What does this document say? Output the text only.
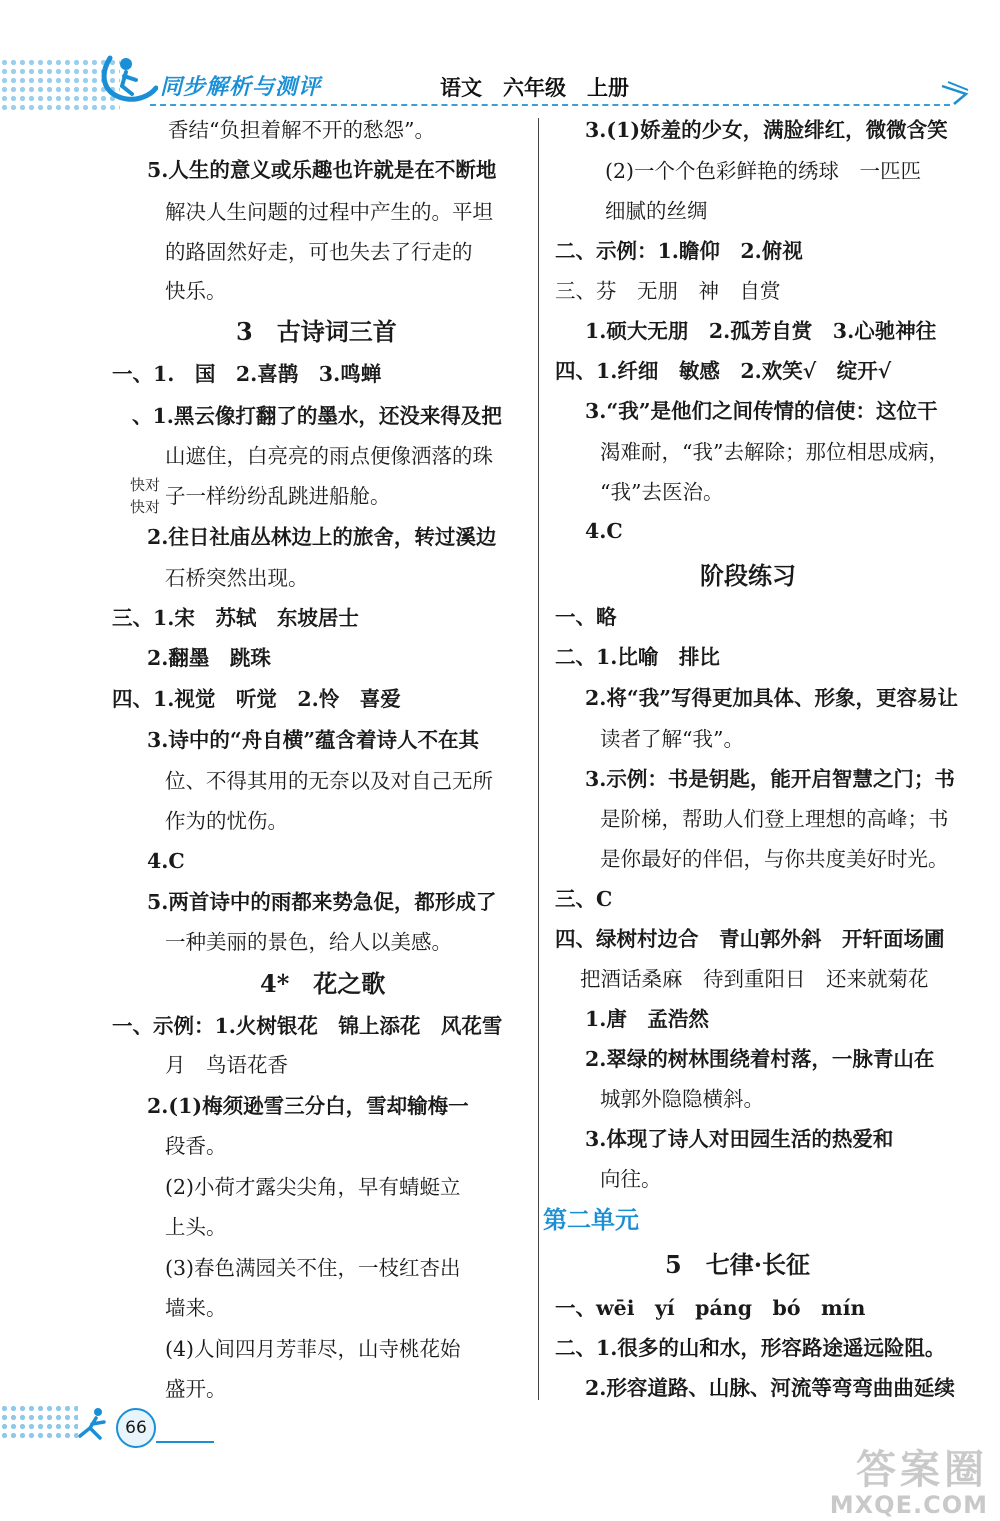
同步解析与测评	语文　六年级　上册
香结“负担着解不开的愁怨”。
5.人生的意义或乐趣也许就是在不断地
解决人生问题的过程中产生的。平坦
的路固然好走，可也失去了行走的
快乐。
3　古诗词三首
一、1.　国　2.喜鹊　3.鸣蝉
、1.黑云像打翻了的墨水，还没来得及把
山遮住，白亮亮的雨点便像洒落的珠
快对
快对 子一样纷纷乱跳进船舱。
2.往日社庙丛林边上的旅舍，转过溪边
石桥突然出现。
三、1.宋　苏轼　东坡居士
2.翻墨　跳珠
四、1.视觉　听觉　2.怜　喜爱
3.诗中的“舟自横”蕴含着诗人不在其
位、不得其用的无奈以及对自己无所
作为的忧伤。
4.C
5.两首诗中的雨都来势急促，都形成了
一种美丽的景色，给人以美感。
4*　花之歌
一、示例：1.火树银花　锦上添花　风花雪
月　鸟语花香
2.(1)梅须逊雪三分白，雪却输梅一
段香。
(2)小荷才露尖尖角，早有蜻蜓立
上头。
(3)春色满园关不住，一枝红杏出
墙来。
(4)人间四月芳菲尽，山寺桃花始
盛开。
3.(1)娇羞的少女，满脸绯红，微微含笑
(2)一个个色彩鲜艳的绣球　一匹匹
细腻的丝绸
二、示例：1.瞻仰　2.俯视
三、芬　无朋　神　自赏
1.硕大无朋　2.孤芳自赏　3.心驰神往
四、1.纤细　敏感　2.欢笑√　绽开√
3.“我”是他们之间传情的信使：这位干
渴难耐，“我”去解除；那位相思成病，
“我”去医治。
4.C
阶段练习
一、略
二、1.比喻　排比
2.将“我”写得更加具体、形象，更容易让
读者了解“我”。
3.示例：书是钥匙，能开启智慧之门；书
是阶梯，帮助人们登上理想的高峰；书
是你最好的伴侣，与你共度美好时光。
三、C
四、绿树村边合　青山郭外斜　开轩面场圃
把酒话桑麻　待到重阳日　还来就菊花
1.唐　孟浩然
2.翠绿的树林围绕着村落，一脉青山在
城郭外隐隐横斜。
3.体现了诗人对田园生活的热爱和
向往。
第二单元
5　七律·长征
一、wēi　yí　páng　bó　mín
二、1.很多的山和水，形容路途遥远险阻。
2.形容道路、山脉、河流等弯弯曲曲延续
66
答案圈
MXQE.COM
